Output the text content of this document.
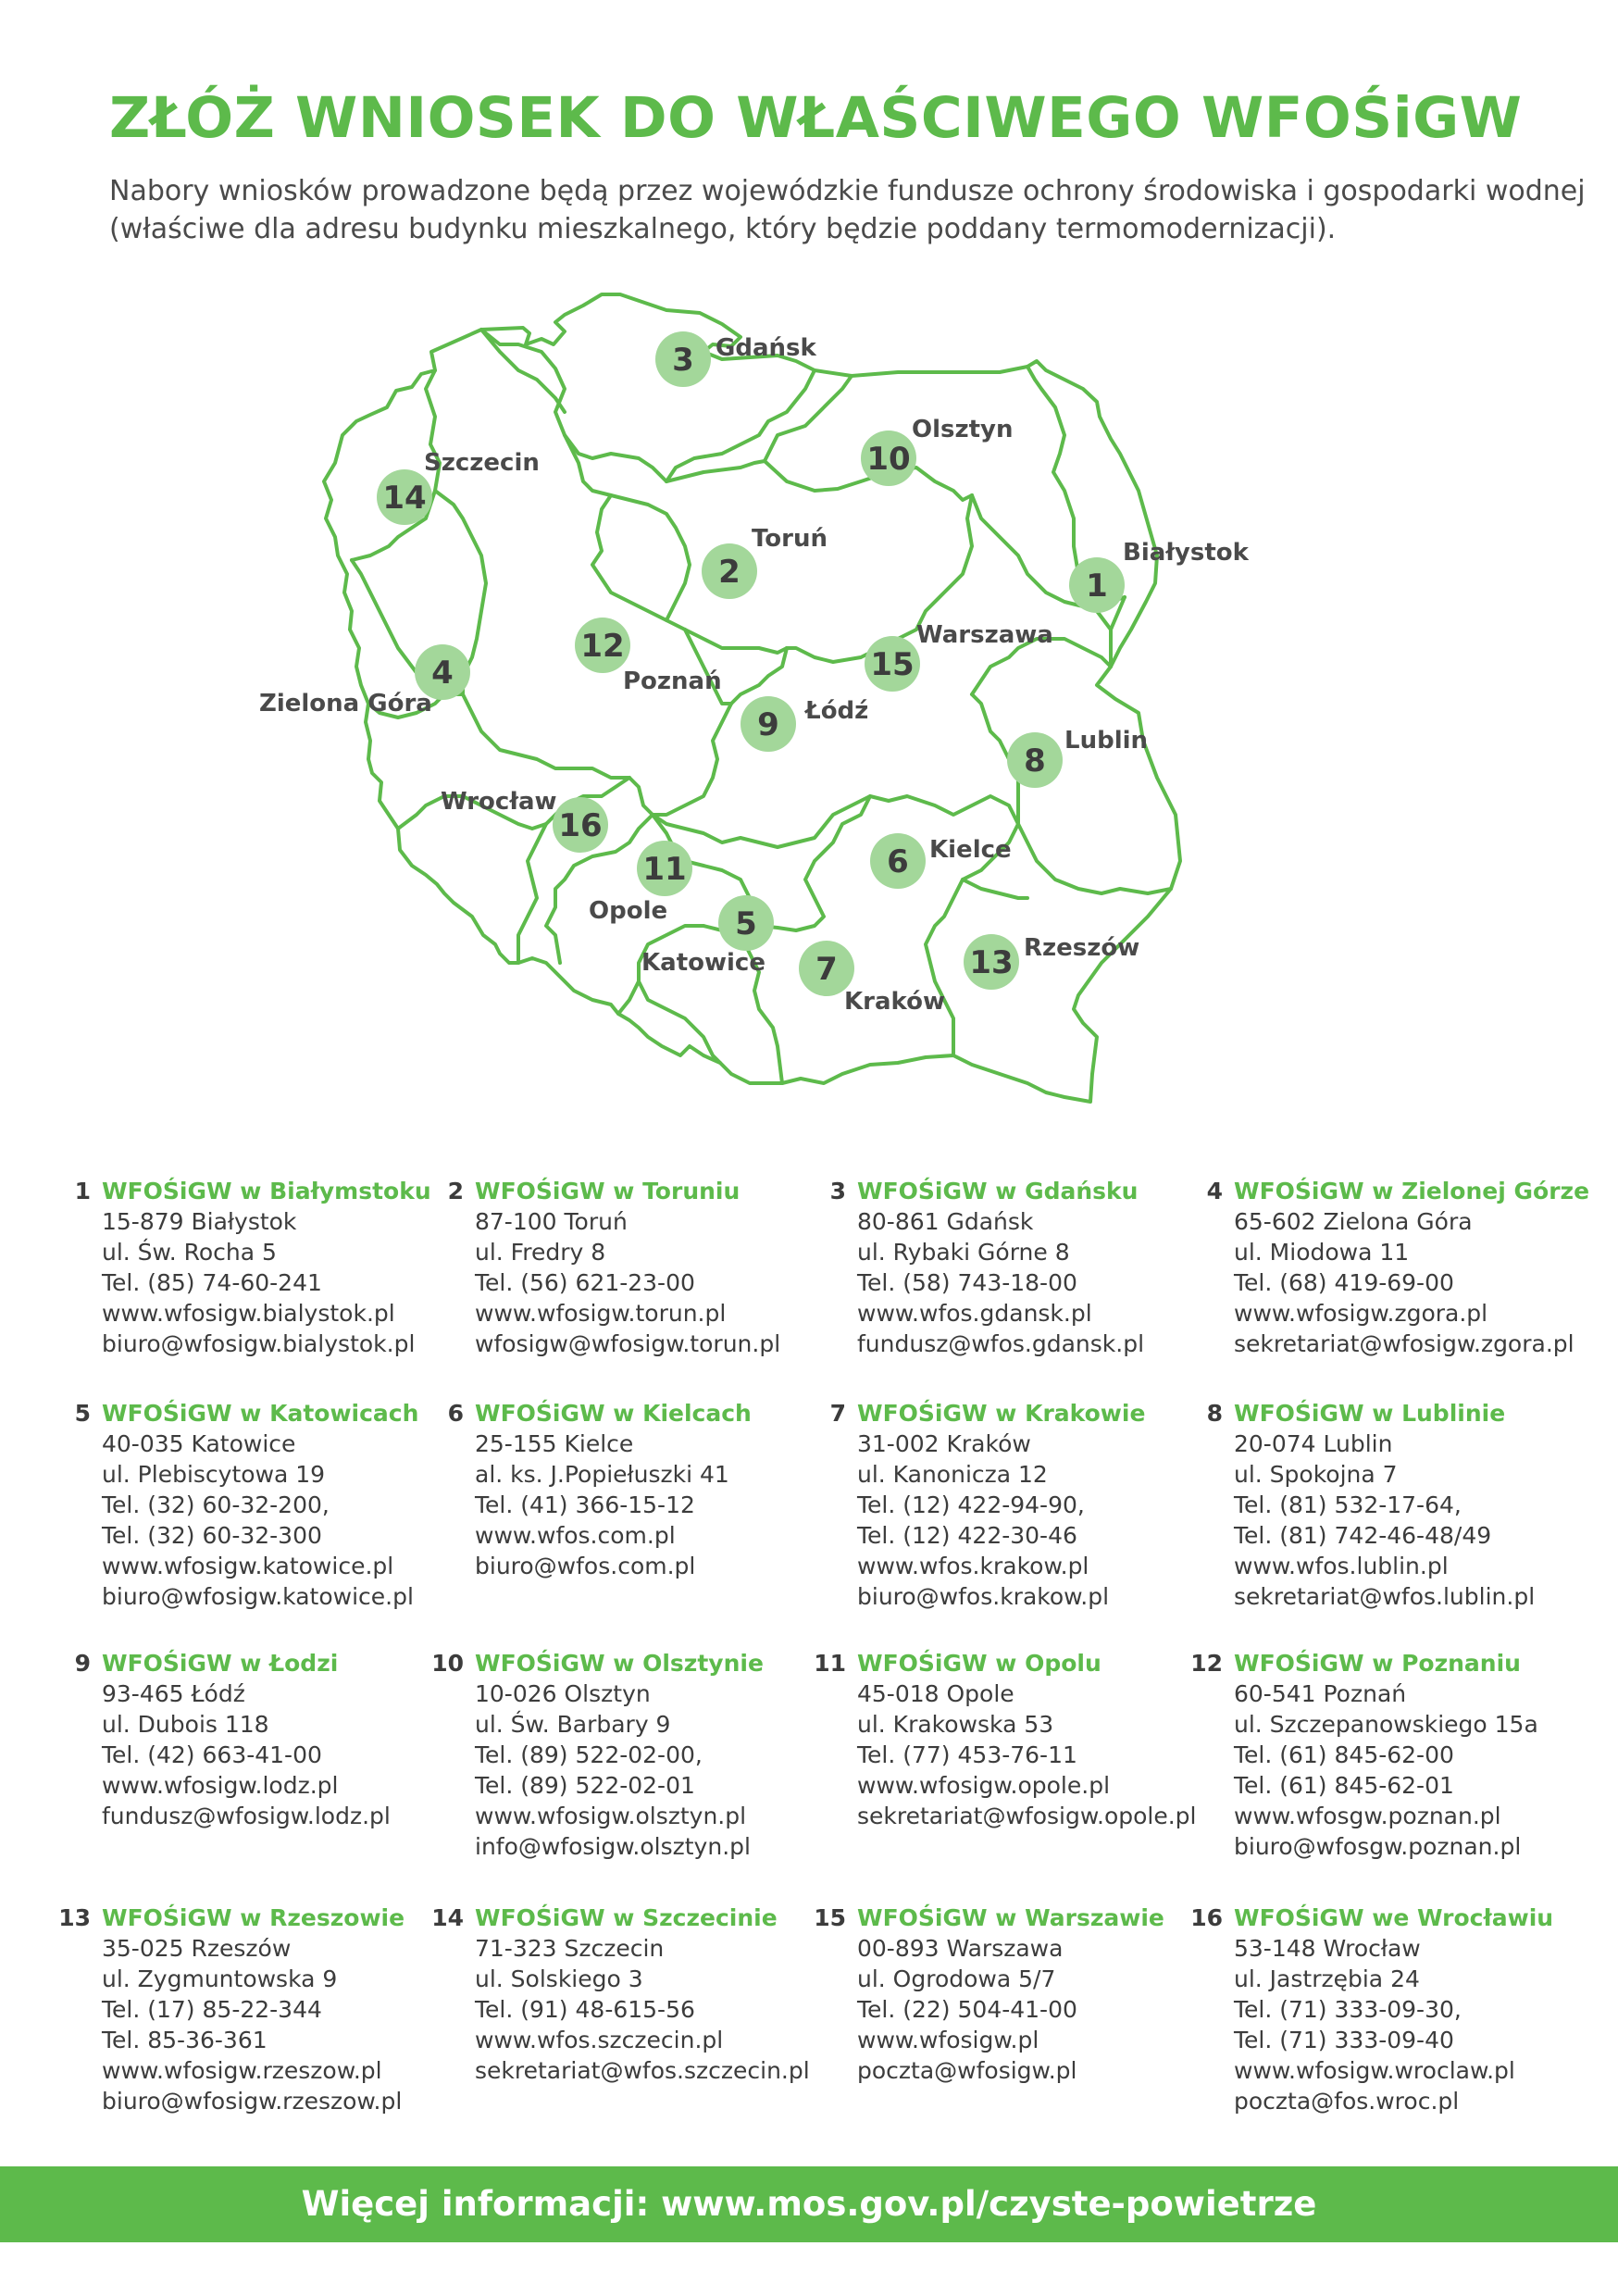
ZŁÓŻ WNIOSEK DO WŁAŚCIWEGO WFOŚiGW
Nabory wniosków prowadzone będą przez wojewódzkie fundusze ochrony środowiska i gospodarki wodnej
(właściwe dla adresu budynku mieszkalnego, który będzie poddany termomodernizacji).
1
Białystok
2
Toruń
3 Gdańsk
4
Zielona Góra
5
Katowice
6 Kielce
7
Kraków
8
Lublin
9 Łódź
10
Olsztyn
11
Opole
12
Poznań
13 Rzeszów
14
Szczecin
15
Warszawa
16
Wrocław
1 WFOŚiGW w Białymstoku
15-879 Białystok
ul. Św. Rocha 5
Tel. (85) 74-60-241
www.wfosigw.bialystok.pl
biuro@wfosigw.bialystok.pl
2 WFOŚiGW w Toruniu
87-100 Toruń
ul. Fredry 8
Tel. (56) 621-23-00
www.wfosigw.torun.pl
wfosigw@wfosigw.torun.pl
3 WFOŚiGW w Gdańsku
80-861 Gdańsk
ul. Rybaki Górne 8
Tel. (58) 743-18-00
www.wfos.gdansk.pl
fundusz@wfos.gdansk.pl
4 WFOŚiGW w Zielonej Górze
65-602 Zielona Góra
ul. Miodowa 11
Tel. (68) 419-69-00
www.wfosigw.zgora.pl
sekretariat@wfosigw.zgora.pl
5 WFOŚiGW w Katowicach
40-035 Katowice
ul. Plebiscytowa 19
Tel. (32) 60-32-200,
Tel. (32) 60-32-300
www.wfosigw.katowice.pl
biuro@wfosigw.katowice.pl
6 WFOŚiGW w Kielcach
25-155 Kielce
al. ks. J.Popiełuszki 41
Tel. (41) 366-15-12
www.wfos.com.pl
biuro@wfos.com.pl
7 WFOŚiGW w Krakowie
31-002 Kraków
ul. Kanonicza 12
Tel. (12) 422-94-90,
Tel. (12) 422-30-46
www.wfos.krakow.pl
biuro@wfos.krakow.pl
8 WFOŚiGW w Lublinie
20-074 Lublin
ul. Spokojna 7
Tel. (81) 532-17-64,
Tel. (81) 742-46-48/49
www.wfos.lublin.pl
sekretariat@wfos.lublin.pl
9 WFOŚiGW w Łodzi
93-465 Łódź
ul. Dubois 118
Tel. (42) 663-41-00
www.wfosigw.lodz.pl
fundusz@wfosigw.lodz.pl
10 WFOŚiGW w Olsztynie
10-026 Olsztyn
ul. Św. Barbary 9
Tel. (89) 522-02-00,
Tel. (89) 522-02-01
www.wfosigw.olsztyn.pl
info@wfosigw.olsztyn.pl
11 WFOŚiGW w Opolu
45-018 Opole
ul. Krakowska 53
Tel. (77) 453-76-11
www.wfosigw.opole.pl
sekretariat@wfosigw.opole.pl
12 WFOŚiGW w Poznaniu
60-541 Poznań
ul. Szczepanowskiego 15a
Tel. (61) 845-62-00
Tel. (61) 845-62-01
www.wfosgw.poznan.pl
biuro@wfosgw.poznan.pl
13 WFOŚiGW w Rzeszowie
35-025 Rzeszów
ul. Zygmuntowska 9
Tel. (17) 85-22-344
Tel. 85-36-361
www.wfosigw.rzeszow.pl
biuro@wfosigw.rzeszow.pl
14 WFOŚiGW w Szczecinie
71-323 Szczecin
ul. Solskiego 3
Tel. (91) 48-615-56
www.wfos.szczecin.pl
sekretariat@wfos.szczecin.pl
15 WFOŚiGW w Warszawie
00-893 Warszawa
ul. Ogrodowa 5/7
Tel. (22) 504-41-00
www.wfosigw.pl
poczta@wfosigw.pl
16 WFOŚiGW we Wrocławiu
53-148 Wrocław
ul. Jastrzębia 24
Tel. (71) 333-09-30,
Tel. (71) 333-09-40
www.wfosigw.wroclaw.pl
poczta@fos.wroc.pl
Więcej informacji: www.mos.gov.pl/czyste-powietrze
